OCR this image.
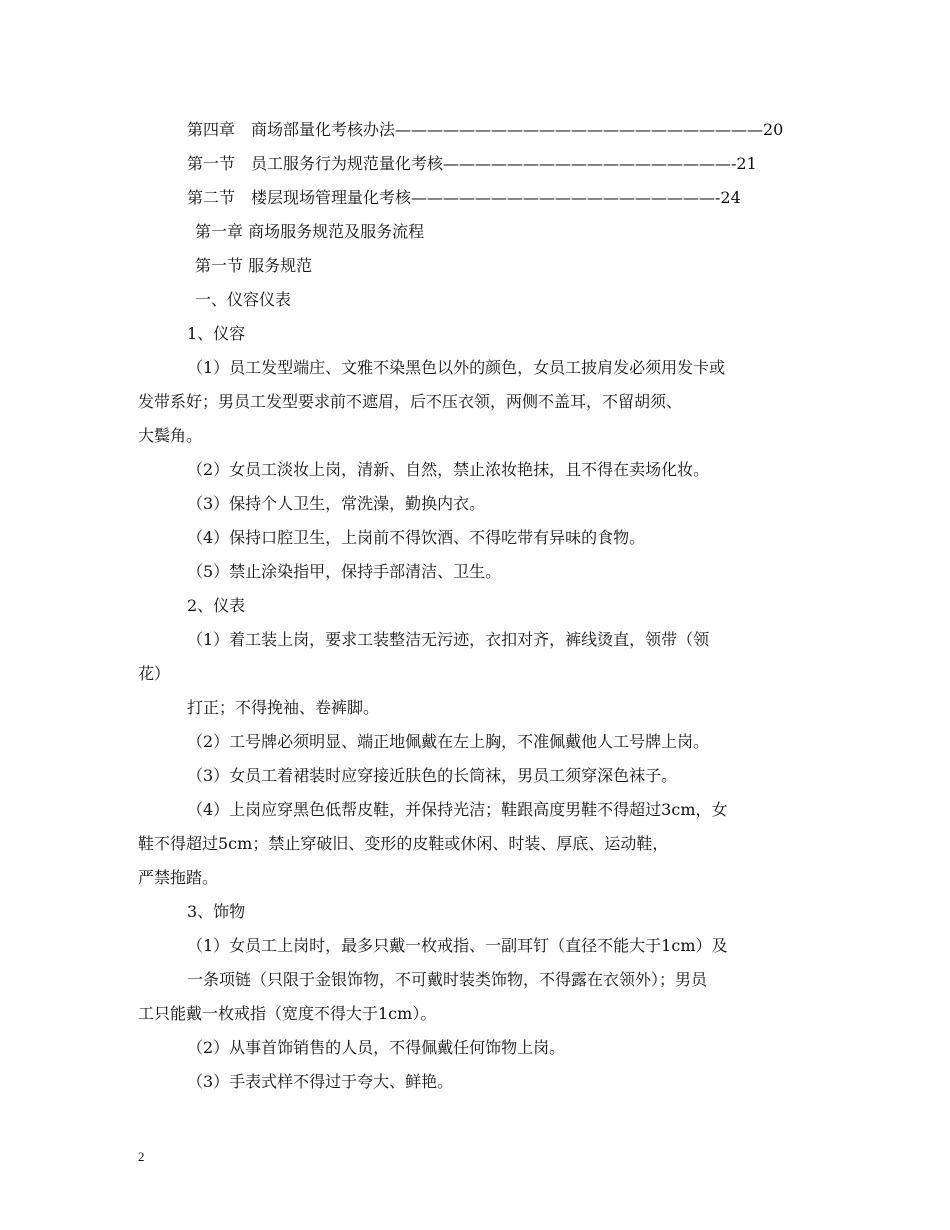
第四章　商场部量化考核办法———————————————————————20
第一节　员工服务行为规范量化考核——————————————————-21
第二节　楼层现场管理量化考核———————————————————-24
第一章 商场服务规范及服务流程
第一节 服务规范
一、仪容仪表
1、仪容
（1）员工发型端庄、文雅不染黑色以外的颜色，女员工披肩发必须用发卡或
发带系好；男员工发型要求前不遮眉，后不压衣领，两侧不盖耳，不留胡须、
大鬓角。
（2）女员工淡妆上岗，清新、自然，禁止浓妆艳抹，且不得在卖场化妆。
（3）保持个人卫生，常洗澡，勤换内衣。
（4）保持口腔卫生，上岗前不得饮酒、不得吃带有异味的食物。
（5）禁止涂染指甲，保持手部清洁、卫生。
2、仪表
（1）着工装上岗，要求工装整洁无污迹，衣扣对齐，裤线烫直，领带（领
花）
打正；不得挽袖、卷裤脚。
（2）工号牌必须明显、端正地佩戴在左上胸，不准佩戴他人工号牌上岗。
（3）女员工着裙装时应穿接近肤色的长筒袜，男员工须穿深色袜子。
（4）上岗应穿黑色低帮皮鞋，并保持光洁；鞋跟高度男鞋不得超过3cm，女
鞋不得超过5cm；禁止穿破旧、变形的皮鞋或休闲、时装、厚底、运动鞋，
严禁拖踏。
3、饰物
（1）女员工上岗时，最多只戴一枚戒指、一副耳钉（直径不能大于1cm）及
一条项链（只限于金银饰物，不可戴时装类饰物，不得露在衣领外）；男员
工只能戴一枚戒指（宽度不得大于1cm）。
（2）从事首饰销售的人员，不得佩戴任何饰物上岗。
（3）手表式样不得过于夸大、鲜艳。
2
